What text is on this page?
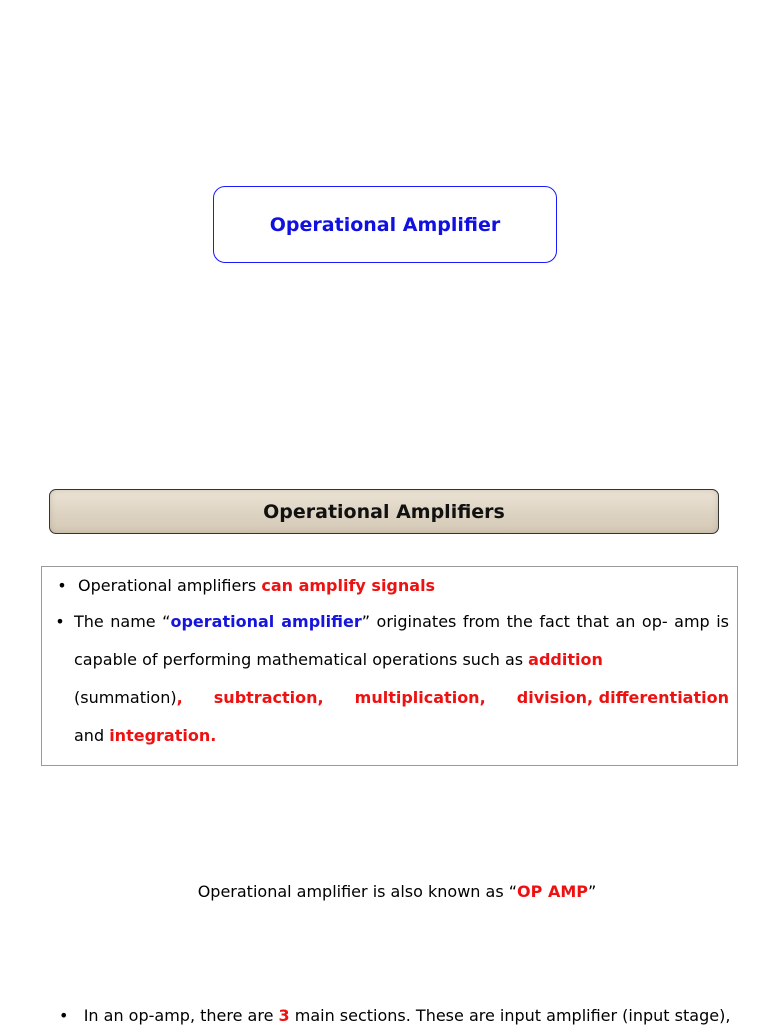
Operational Amplifier
Operational Amplifiers
• Operational amplifiers can amplify signals
• The name “operational amplifier” originates from the fact that an op- amp is capable of performing mathematical operations such as addition
(summation), subtraction, multiplication, division, differentiation
and integration.
Operational amplifier is also known as “OP AMP”
• In an op-amp, there are 3 main sections. These are input amplifier (input stage),
